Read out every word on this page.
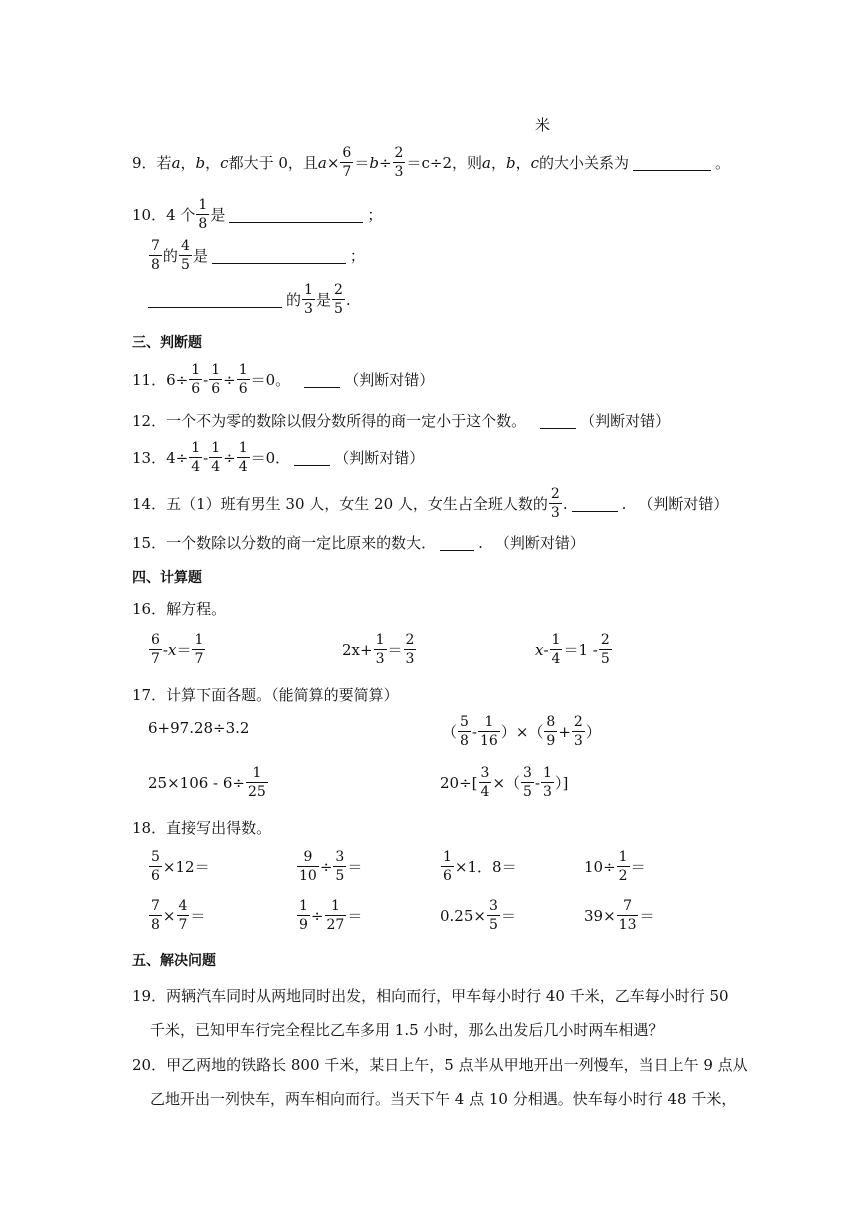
米
9． 若 a ， b ， c 都大于 0，且 $a \times \frac{6}{7} = b \div \frac{2}{3} = c\div 2$，则 a ， b ， c 的大小关系为	。
10． 4 个 $\frac{1}{8}$ 是	；
$\frac{7}{8}$ 的 $\frac{4}{5}$ 是	；
的 $\frac{1}{3}$ 是 $\frac{2}{5}$ .
三、判断题
11． $6\div \frac{1}{6} - \frac{1}{6} \div \frac{1}{6} =0$。	（判断对错）
12．一个不为零的数除以假分数所得的商一定小于这个数。	（判断对错）
13． $4\div \frac{1}{4} - \frac{1}{4} \div \frac{1}{4} =0$．	（判断对错）
14．五（1）班有男生 30 人，女生 20 人，女生占全班人数的 $\frac{2}{3}$ .	. （判断对错）
15．一个数除以分数的商一定比原来的数大．	. （判断对错）
四、计算题
16．解方程。
$\frac{6}{7} - x = \frac{1}{7}$	$2x+ \frac{1}{3} = \frac{2}{3}$	$x - \frac{1}{4} =1 - \frac{2}{5}$
17．计算下面各题。（能简算的要简算）
6+97.28÷3.2	（ $\frac{5}{8} - \frac{1}{16}$ ）×（ $\frac{8}{9} + \frac{2}{3}$ ）
$25\times 106 - 6\div \frac{1}{25}$	$20\div[ \frac{3}{4}$ ×（ $\frac{3}{5} - \frac{1}{3}$ ）]
18．直接写出得数。
$\frac{5}{6} \times 12=$	$\frac{9}{10} \div \frac{3}{5}$ ＝	$\frac{1}{6} \times 1$．8＝	$10\div \frac{1}{2}$ ＝
$\frac{7}{8} \times \frac{4}{7}$ ＝	$\frac{1}{9} \div \frac{1}{27}$ ＝	$0.25\times \frac{3}{5}$ ＝	$39\times \frac{7}{13}$ ＝
五、解决问题
19．两辆汽车同时从两地同时出发，相向而行，甲车每小时行 40 千米，乙车每小时行 50
千米，已知甲车行完全程比乙车多用 1.5 小时，那么出发后几小时两车相遇？
20．甲乙两地的铁路长 800 千米，某日上午，5 点半从甲地开出一列慢车，当日上午 9 点从
乙地开出一列快车，两车相向而行。当天下午 4 点 10 分相遇。快车每小时行 48 千米，
